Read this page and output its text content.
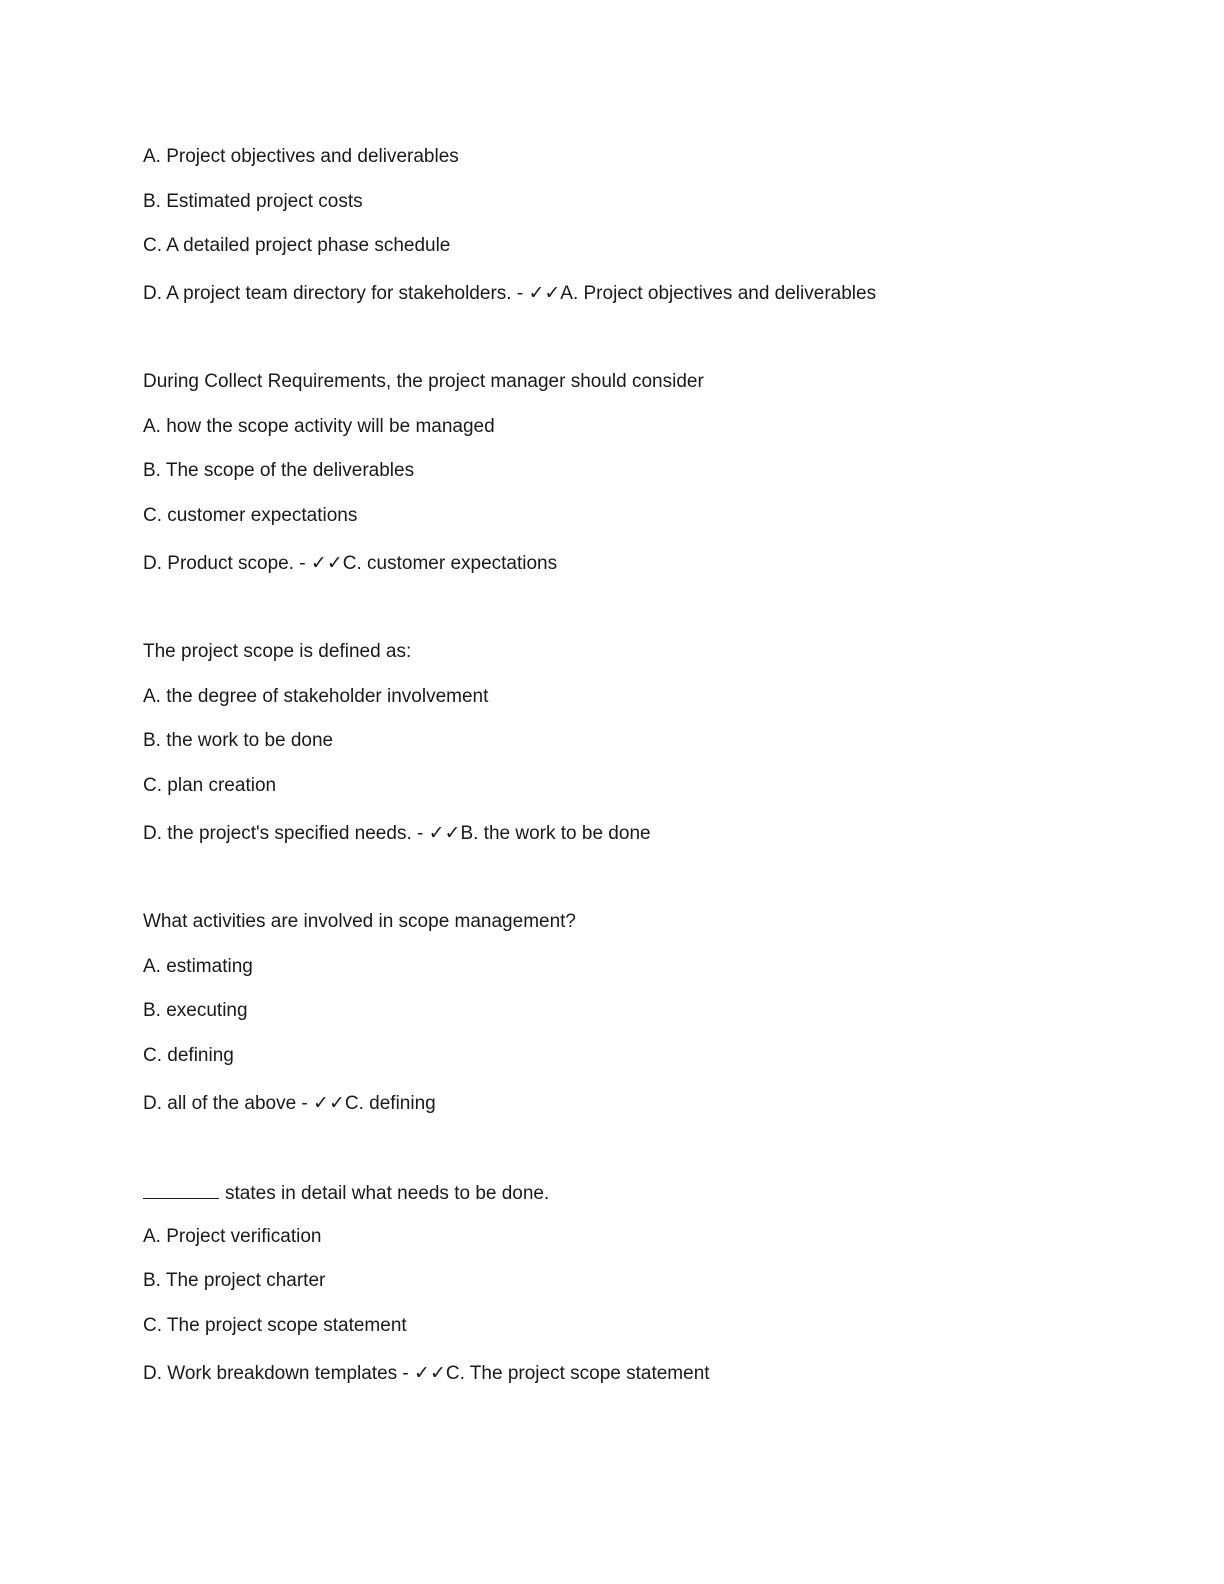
A. Project objectives and deliverables

B. Estimated project costs

C. A detailed project phase schedule

D. A project team directory for stakeholders. - ✓✓A. Project objectives and deliverables

During Collect Requirements, the project manager should consider

A. how the scope activity will be managed

B. The scope of the deliverables

C. customer expectations

D. Product scope. - ✓✓C. customer expectations

The project scope is defined as:

A. the degree of stakeholder involvement

B. the work to be done

C. plan creation

D. the project's specified needs. - ✓✓B. the work to be done

What activities are involved in scope management?

A. estimating

B. executing

C. defining

D. all of the above - ✓✓C. defining

states in detail what needs to be done.

A. Project verification

B. The project charter

C. The project scope statement

D. Work breakdown templates - ✓✓C. The project scope statement
